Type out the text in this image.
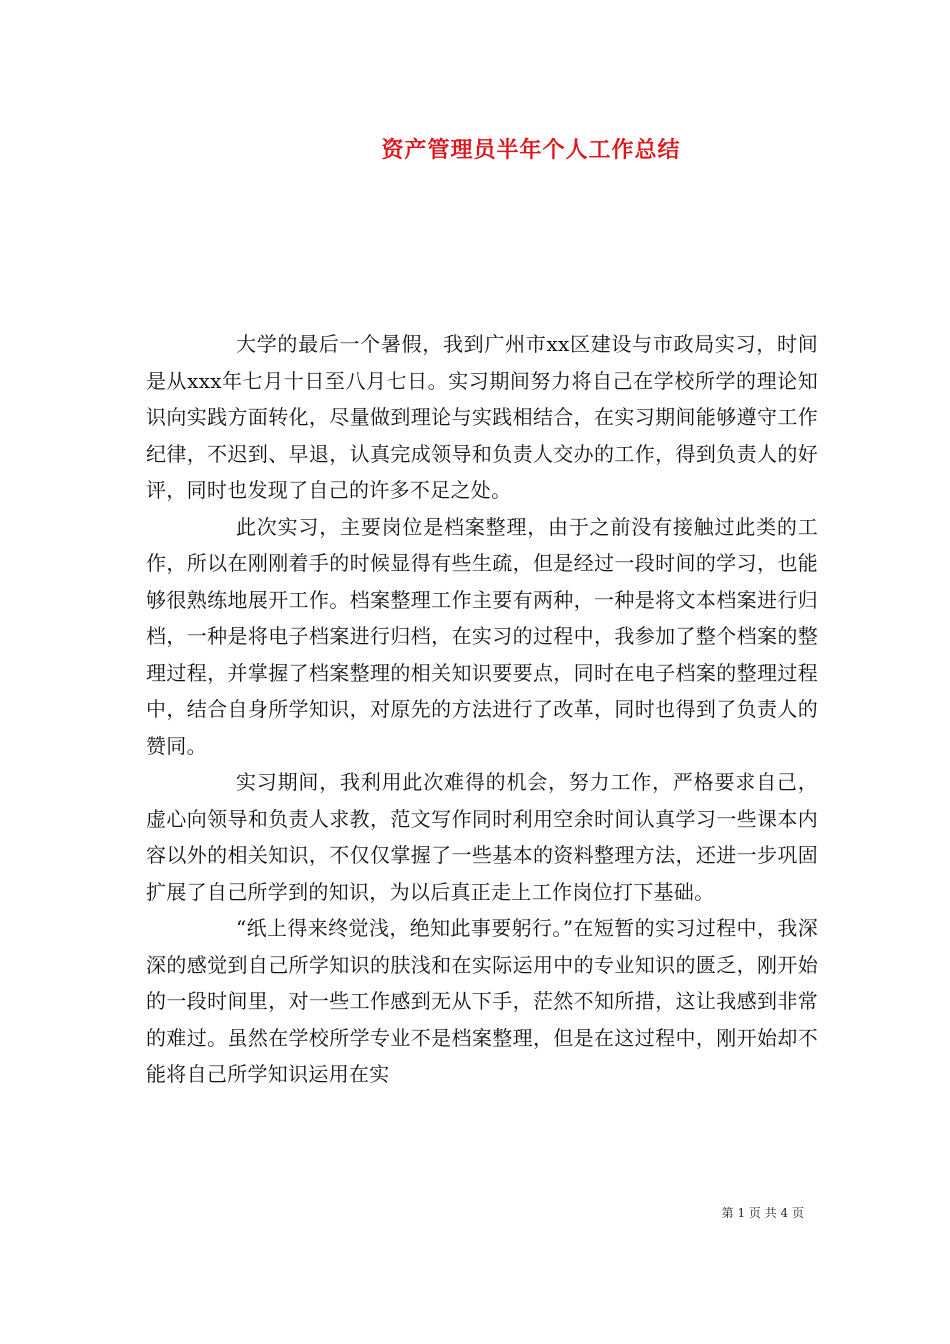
资产管理员半年个人工作总结

大学的最后一个暑假，我到广州市xx区建设与市政局实习，时间是从xxx年七月十日至八月七日。实习期间努力将自己在学校所学的理论知识向实践方面转化，尽量做到理论与实践相结合，在实习期间能够遵守工作纪律，不迟到、早退，认真完成领导和负责人交办的工作，得到负责人的好评，同时也发现了自己的许多不足之处。

此次实习，主要岗位是档案整理，由于之前没有接触过此类的工作，所以在刚刚着手的时候显得有些生疏，但是经过一段时间的学习，也能够很熟练地展开工作。档案整理工作主要有两种，一种是将文本档案进行归档，一种是将电子档案进行归档，在实习的过程中，我参加了整个档案的整理过程，并掌握了档案整理的相关知识要要点，同时在电子档案的整理过程中，结合自身所学知识，对原先的方法进行了改革，同时也得到了负责人的赞同。

实习期间，我利用此次难得的机会，努力工作，严格要求自己，虚心向领导和负责人求教，范文写作同时利用空余时间认真学习一些课本内容以外的相关知识，不仅仅掌握了一些基本的资料整理方法，还进一步巩固扩展了自己所学到的知识，为以后真正走上工作岗位打下基础。

“纸上得来终觉浅，绝知此事要躬行。”在短暂的实习过程中，我深深的感觉到自己所学知识的肤浅和在实际运用中的专业知识的匮乏，刚开始的一段时间里，对一些工作感到无从下手，茫然不知所措，这让我感到非常的难过。虽然在学校所学专业不是档案整理，但是在这过程中，刚开始却不能将自己所学知识运用在实

第 1 页 共 4 页
